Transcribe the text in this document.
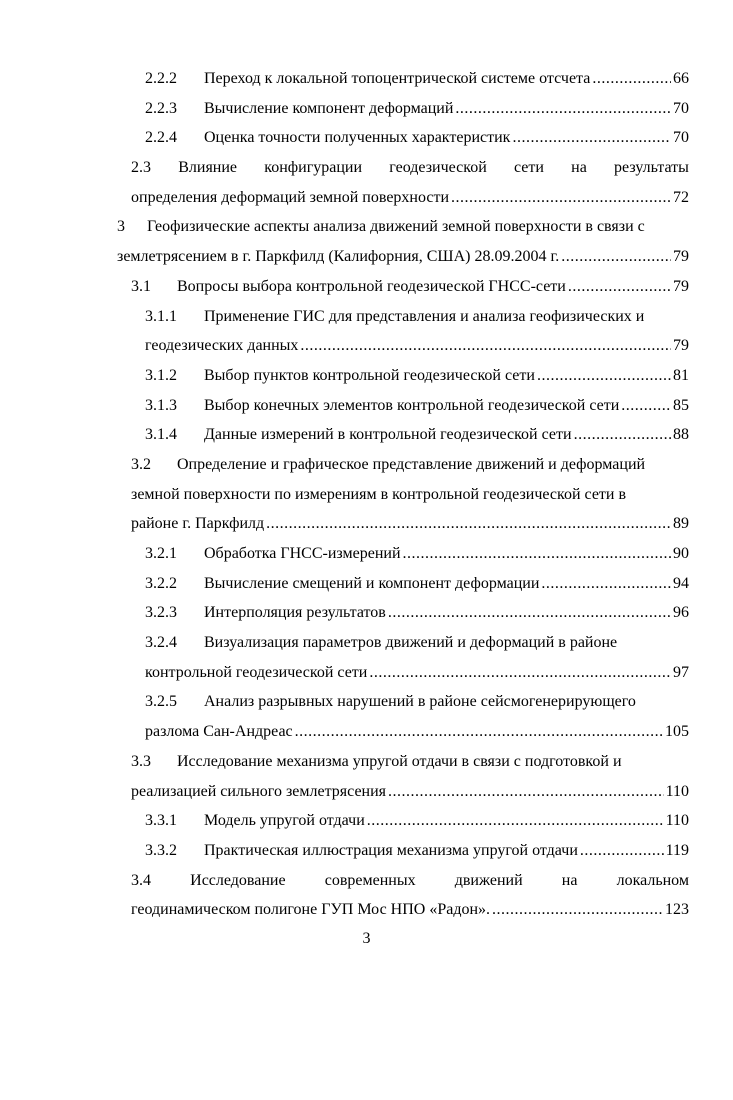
2.2.2	Переход к локальной топоцентрической системе отсчета .....	66
2.2.3	Вычисление компонент деформаций .....	70
2.2.4	Оценка точности полученных характеристик .....	70
2.3 Влияние конфигурации геодезической сети на результаты
определения деформаций земной поверхности .....	72
3	Геофизические аспекты анализа движений земной поверхности в связи с
землетрясением в г. Паркфилд (Калифорния, США) 28.09.2004 г. .....	79
3.1	Вопросы выбора контрольной геодезической ГНСС-сети .....	79
3.1.1	Применение ГИС для представления и анализа геофизических и
геодезических данных .....	79
3.1.2	Выбор пунктов контрольной геодезической сети .....	81
3.1.3	Выбор конечных элементов контрольной геодезической сети .....	85
3.1.4	Данные измерений в контрольной геодезической сети .....	88
3.2	Определение и графическое представление движений и деформаций
земной поверхности по измерениям в контрольной геодезической сети в
районе г. Паркфилд .....	89
3.2.1	Обработка ГНСС-измерений .....	90
3.2.2	Вычисление смещений и компонент деформации .....	94
3.2.3	Интерполяция результатов .....	96
3.2.4	Визуализация параметров движений и деформаций в районе
контрольной геодезической сети .....	97
3.2.5	Анализ разрывных нарушений в районе сейсмогенерирующего
разлома Сан-Андреас .....	105
3.3	Исследование механизма упругой отдачи в связи с подготовкой и
реализацией сильного землетрясения .....	110
3.3.1	Модель упругой отдачи .....	110
3.3.2	Практическая иллюстрация механизма упругой отдачи .....	119
3.4 Исследование современных движений на локальном
геодинамическом полигоне ГУП Мос НПО «Радон». .....	123
3
